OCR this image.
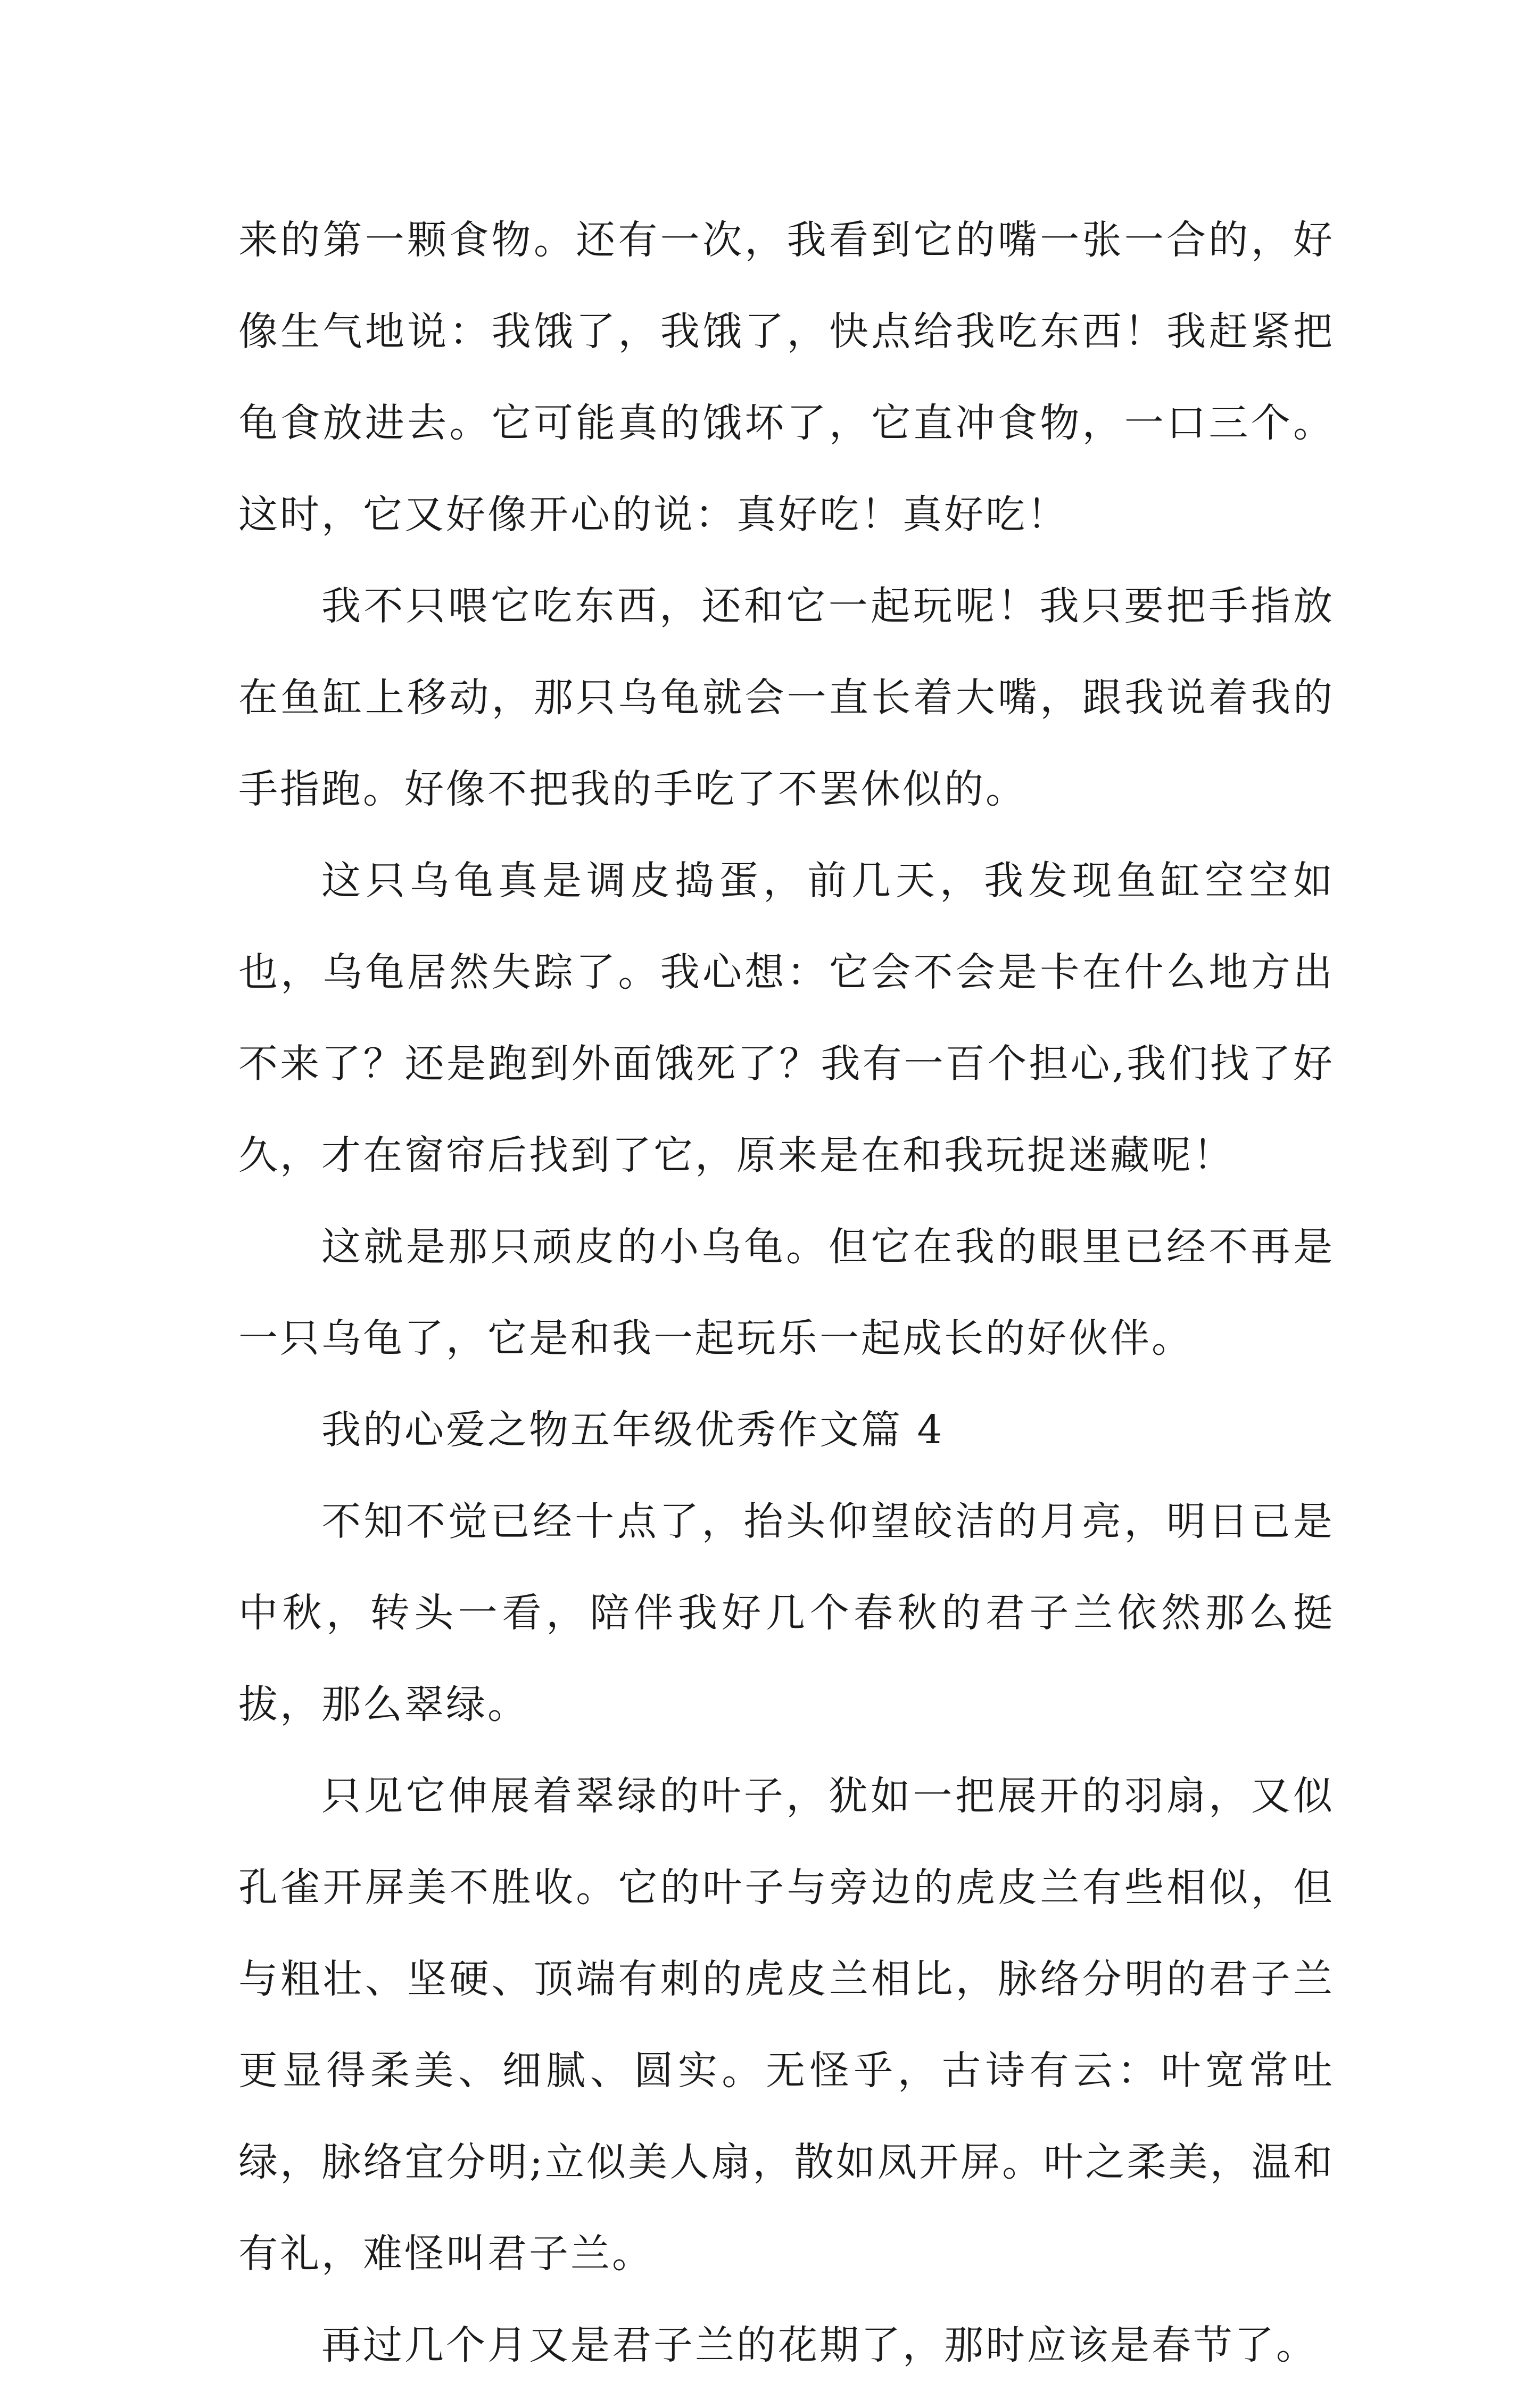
来的第一颗食物。还有一次，我看到它的嘴一张一合的，好像生气地说：我饿了，我饿了，快点给我吃东西！我赶紧把龟食放进去。它可能真的饿坏了，它直冲食物，一口三个。这时，它又好像开心的说：真好吃！真好吃！

我不只喂它吃东西，还和它一起玩呢！我只要把手指放在鱼缸上移动，那只乌龟就会一直长着大嘴，跟我说着我的手指跑。好像不把我的手吃了不罢休似的。

这只乌龟真是调皮捣蛋，前几天，我发现鱼缸空空如也，乌龟居然失踪了。我心想：它会不会是卡在什么地方出不来了？还是跑到外面饿死了？我有一百个担心,我们找了好久，才在窗帘后找到了它，原来是在和我玩捉迷藏呢！

这就是那只顽皮的小乌龟。但它在我的眼里已经不再是一只乌龟了，它是和我一起玩乐一起成长的好伙伴。

我的心爱之物五年级优秀作文篇 4

不知不觉已经十点了，抬头仰望皎洁的月亮，明日已是中秋，转头一看，陪伴我好几个春秋的君子兰依然那么挺拔，那么翠绿。

只见它伸展着翠绿的叶子，犹如一把展开的羽扇，又似孔雀开屏美不胜收。它的叶子与旁边的虎皮兰有些相似，但与粗壮、坚硬、顶端有刺的虎皮兰相比，脉络分明的君子兰更显得柔美、细腻、圆实。无怪乎，古诗有云：叶宽常吐绿，脉络宜分明;立似美人扇，散如凤开屏。叶之柔美，温和有礼，难怪叫君子兰。

再过几个月又是君子兰的花期了，那时应该是春节了。
